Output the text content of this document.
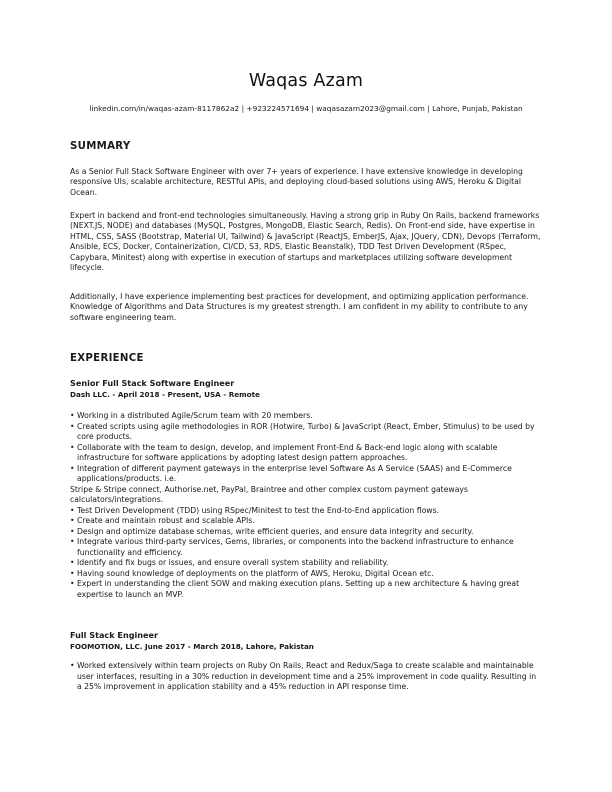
Waqas Azam
linkedin.com/in/waqas-azam-8117862a2 | +923224571694 | waqasazam2023@gmail.com | Lahore, Punjab, Pakistan
SUMMARY

As a Senior Full Stack Software Engineer with over 7+ years of experience. I have extensive knowledge in developing responsive UIs, scalable architecture, RESTful APIs, and deploying cloud-based solutions using AWS, Heroku & Digital Ocean.

Expert in backend and front-end technologies simultaneously. Having a strong grip in Ruby On Rails, backend frameworks (NEXT.JS, NODE) and databases (MySQL, Postgres, MongoDB, Elastic Search, Redis). On Front-end side, have expertise in HTML, CSS, SASS (Bootstrap, Material UI, Tailwind) & JavaScript (ReactJS, EmberJS, Ajax, JQuery, CDN), Devops (Terraform, Ansible, ECS, Docker, Containerization, CI/CD, S3, RDS, Elastic Beanstalk), TDD Test Driven Development (RSpec, Capybara, Minitest) along with expertise in execution of startups and marketplaces utilizing software development lifecycle.

Additionally, I have experience implementing best practices for development, and optimizing application performance. Knowledge of Algorithms and Data Structures is my greatest strength. I am confident in my ability to contribute to any software engineering team.

EXPERIENCE
Senior Full Stack Software Engineer
Dash LLC. - April 2018 - Present, USA - Remote
• Working in a distributed Agile/Scrum team with 20 members.
• Created scripts using agile methodologies in ROR (Hotwire, Turbo) & JavaScript (React, Ember, Stimulus) to be used by core products.
• Collaborate with the team to design, develop, and implement Front-End & Back-end logic along with scalable infrastructure for software applications by adopting latest design pattern approaches.
• Integration of different payment gateways in the enterprise level Software As A Service (SAAS) and E-Commerce applications/products. i.e.
Stripe & Stripe connect, Authorise.net, PayPal, Braintree and other complex custom payment gateways calculators/integrations.
• Test Driven Development (TDD) using RSpec/Minitest to test the End-to-End application flows.
• Create and maintain robust and scalable APIs.
• Design and optimize database schemas, write efficient queries, and ensure data integrity and security.
• Integrate various third-party services, Gems, libraries, or components into the backend infrastructure to enhance functionality and efficiency.
• Identify and fix bugs or issues, and ensure overall system stability and reliability.
• Having sound knowledge of deployments on the platform of AWS, Heroku, Digital Ocean etc.
• Expert in understanding the client SOW and making execution plans. Setting up a new architecture & having great expertise to launch an MVP.
Full Stack Engineer
FOOMOTION, LLC. June 2017 - March 2018, Lahore, Pakistan
• Worked extensively within team projects on Ruby On Rails, React and Redux/Saga to create scalable and maintainable user interfaces, resulting in a 30% reduction in development time and a 25% improvement in code quality. Resulting in a 25% improvement in application stability and a 45% reduction in API response time.
